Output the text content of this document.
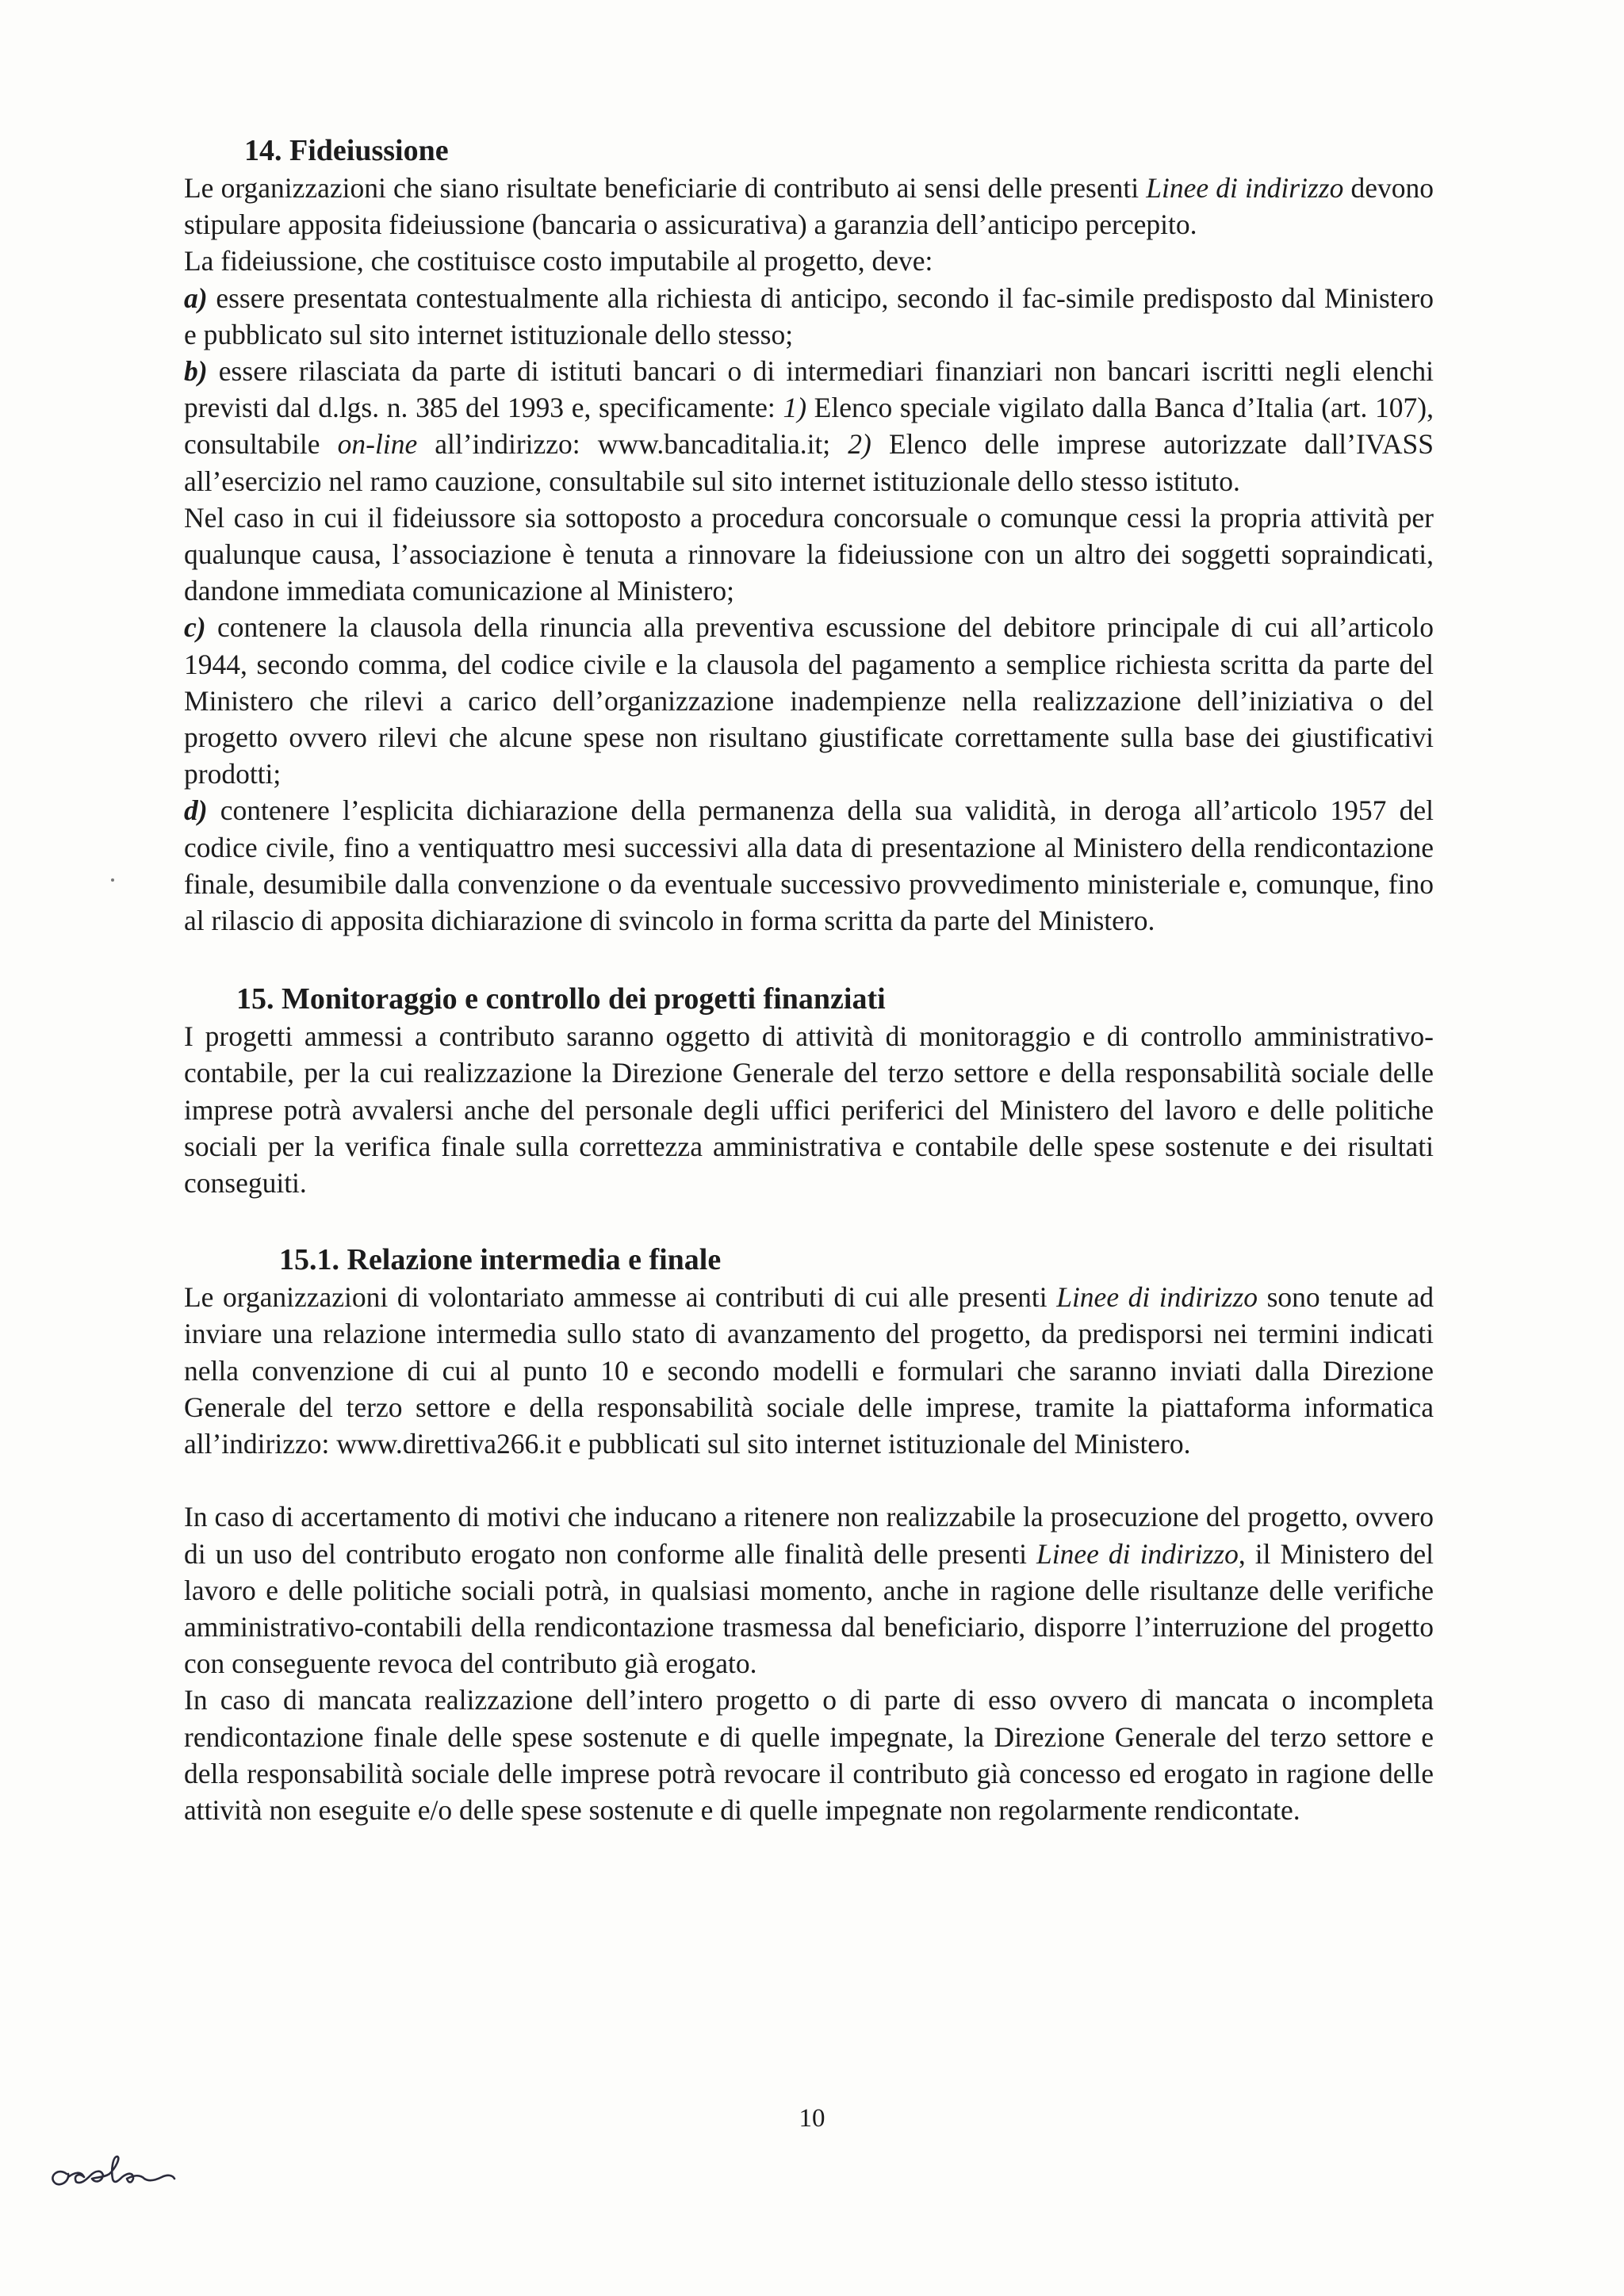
14. Fideiussione

Le organizzazioni che siano risultate beneficiarie di contributo ai sensi delle presenti Linee di indirizzo devono stipulare apposita fideiussione (bancaria o assicurativa) a garanzia dell’anticipo percepito.

La fideiussione, che costituisce costo imputabile al progetto, deve:

a) essere presentata contestualmente alla richiesta di anticipo, secondo il fac-simile predisposto dal Ministero e pubblicato sul sito internet istituzionale dello stesso;

b) essere rilasciata da parte di istituti bancari o di intermediari finanziari non bancari iscritti negli elenchi previsti dal d.lgs. n. 385 del 1993 e, specificamente: 1) Elenco speciale vigilato dalla Banca d’Italia (art. 107), consultabile on-line all’indirizzo: www.bancaditalia.it; 2) Elenco delle imprese autorizzate dall’IVASS all’esercizio nel ramo cauzione, consultabile sul sito internet istituzionale dello stesso istituto.

Nel caso in cui il fideiussore sia sottoposto a procedura concorsuale o comunque cessi la propria attività per qualunque causa, l’associazione è tenuta a rinnovare la fideiussione con un altro dei soggetti sopraindicati, dandone immediata comunicazione al Ministero;

c) contenere la clausola della rinuncia alla preventiva escussione del debitore principale di cui all’articolo 1944, secondo comma, del codice civile e la clausola del pagamento a semplice richiesta scritta da parte del Ministero che rilevi a carico dell’organizzazione inadempienze nella realizzazione dell’iniziativa o del progetto ovvero rilevi che alcune spese non risultano giustificate correttamente sulla base dei giustificativi prodotti;

d) contenere l’esplicita dichiarazione della permanenza della sua validità, in deroga all’articolo 1957 del codice civile, fino a ventiquattro mesi successivi alla data di presentazione al Ministero della rendicontazione finale, desumibile dalla convenzione o da eventuale successivo provvedimento ministeriale e, comunque, fino al rilascio di apposita dichiarazione di svincolo in forma scritta da parte del Ministero.

15. Monitoraggio e controllo dei progetti finanziati

I progetti ammessi a contributo saranno oggetto di attività di monitoraggio e di controllo amministrativo-contabile, per la cui realizzazione la Direzione Generale del terzo settore e della responsabilità sociale delle imprese potrà avvalersi anche del personale degli uffici periferici del Ministero del lavoro e delle politiche sociali per la verifica finale sulla correttezza amministrativa e contabile delle spese sostenute e dei risultati conseguiti.

15.1. Relazione intermedia e finale

Le organizzazioni di volontariato ammesse ai contributi di cui alle presenti Linee di indirizzo sono tenute ad inviare una relazione intermedia sullo stato di avanzamento del progetto, da predisporsi nei termini indicati nella convenzione di cui al punto 10 e secondo modelli e formulari che saranno inviati dalla Direzione Generale del terzo settore e della responsabilità sociale delle imprese, tramite la piattaforma informatica all’indirizzo: www.direttiva266.it e pubblicati sul sito internet istituzionale del Ministero.

In caso di accertamento di motivi che inducano a ritenere non realizzabile la prosecuzione del progetto, ovvero di un uso del contributo erogato non conforme alle finalità delle presenti Linee di indirizzo, il Ministero del lavoro e delle politiche sociali potrà, in qualsiasi momento, anche in ragione delle risultanze delle verifiche amministrativo-contabili della rendicontazione trasmessa dal beneficiario, disporre l’interruzione del progetto con conseguente revoca del contributo già erogato.

In caso di mancata realizzazione dell’intero progetto o di parte di esso ovvero di mancata o incompleta rendicontazione finale delle spese sostenute e di quelle impegnate, la Direzione Generale del terzo settore e della responsabilità sociale delle imprese potrà revocare il contributo già concesso ed erogato in ragione delle attività non eseguite e/o delle spese sostenute e di quelle impegnate non regolarmente rendicontate.

10
